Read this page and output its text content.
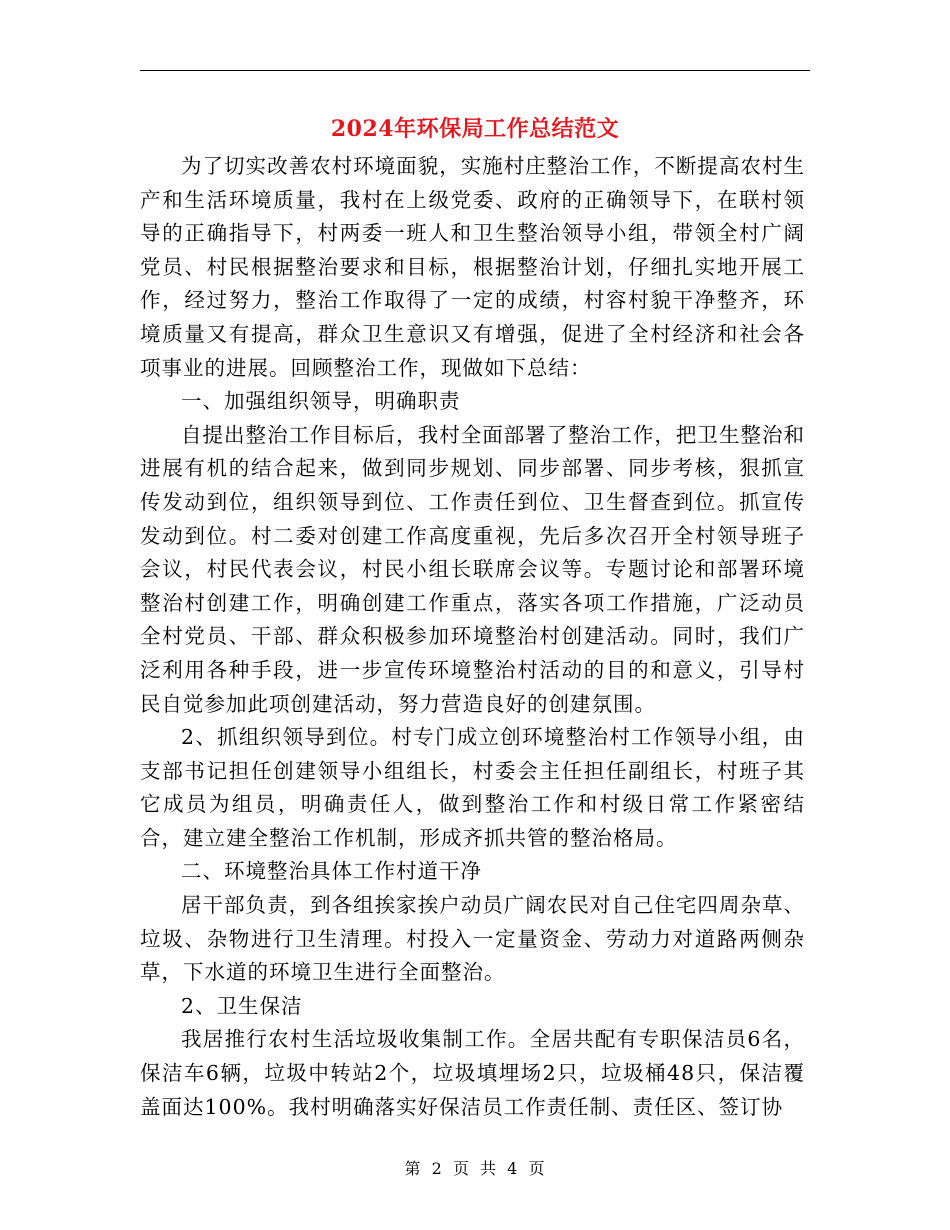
2024年环保局工作总结范文

为了切实改善农村环境面貌，实施村庄整治工作，不断提高农村生产和生活环境质量，我村在上级党委、政府的正确领导下，在联村领导的正确指导下，村两委一班人和卫生整治领导小组，带领全村广阔党员、村民根据整治要求和目标，根据整治计划，仔细扎实地开展工作，经过努力，整治工作取得了一定的成绩，村容村貌干净整齐，环境质量又有提高，群众卫生意识又有增强，促进了全村经济和社会各项事业的进展。回顾整治工作，现做如下总结：

一、加强组织领导，明确职责

自提出整治工作目标后，我村全面部署了整治工作，把卫生整治和进展有机的结合起来，做到同步规划、同步部署、同步考核，狠抓宣传发动到位，组织领导到位、工作责任到位、卫生督查到位。抓宣传发动到位。村二委对创建工作高度重视，先后多次召开全村领导班子会议，村民代表会议，村民小组长联席会议等。专题讨论和部署环境整治村创建工作，明确创建工作重点，落实各项工作措施，广泛动员全村党员、干部、群众积极参加环境整治村创建活动。同时，我们广泛利用各种手段，进一步宣传环境整治村活动的目的和意义，引导村民自觉参加此项创建活动，努力营造良好的创建氛围。

2、抓组织领导到位。村专门成立创环境整治村工作领导小组，由支部书记担任创建领导小组组长，村委会主任担任副组长，村班子其它成员为组员，明确责任人，做到整治工作和村级日常工作紧密结合，建立建全整治工作机制，形成齐抓共管的整治格局。

二、环境整治具体工作村道干净

居干部负责，到各组挨家挨户动员广阔农民对自己住宅四周杂草、垃圾、杂物进行卫生清理。村投入一定量资金、劳动力对道路两侧杂草，下水道的环境卫生进行全面整治。

2、卫生保洁

我居推行农村生活垃圾收集制工作。全居共配有专职保洁员6名，保洁车6辆，垃圾中转站2个，垃圾填埋场2只，垃圾桶48只，保洁覆盖面达100%。我村明确落实好保洁员工作责任制、责任区、签订协

第 2 页 共 4 页
